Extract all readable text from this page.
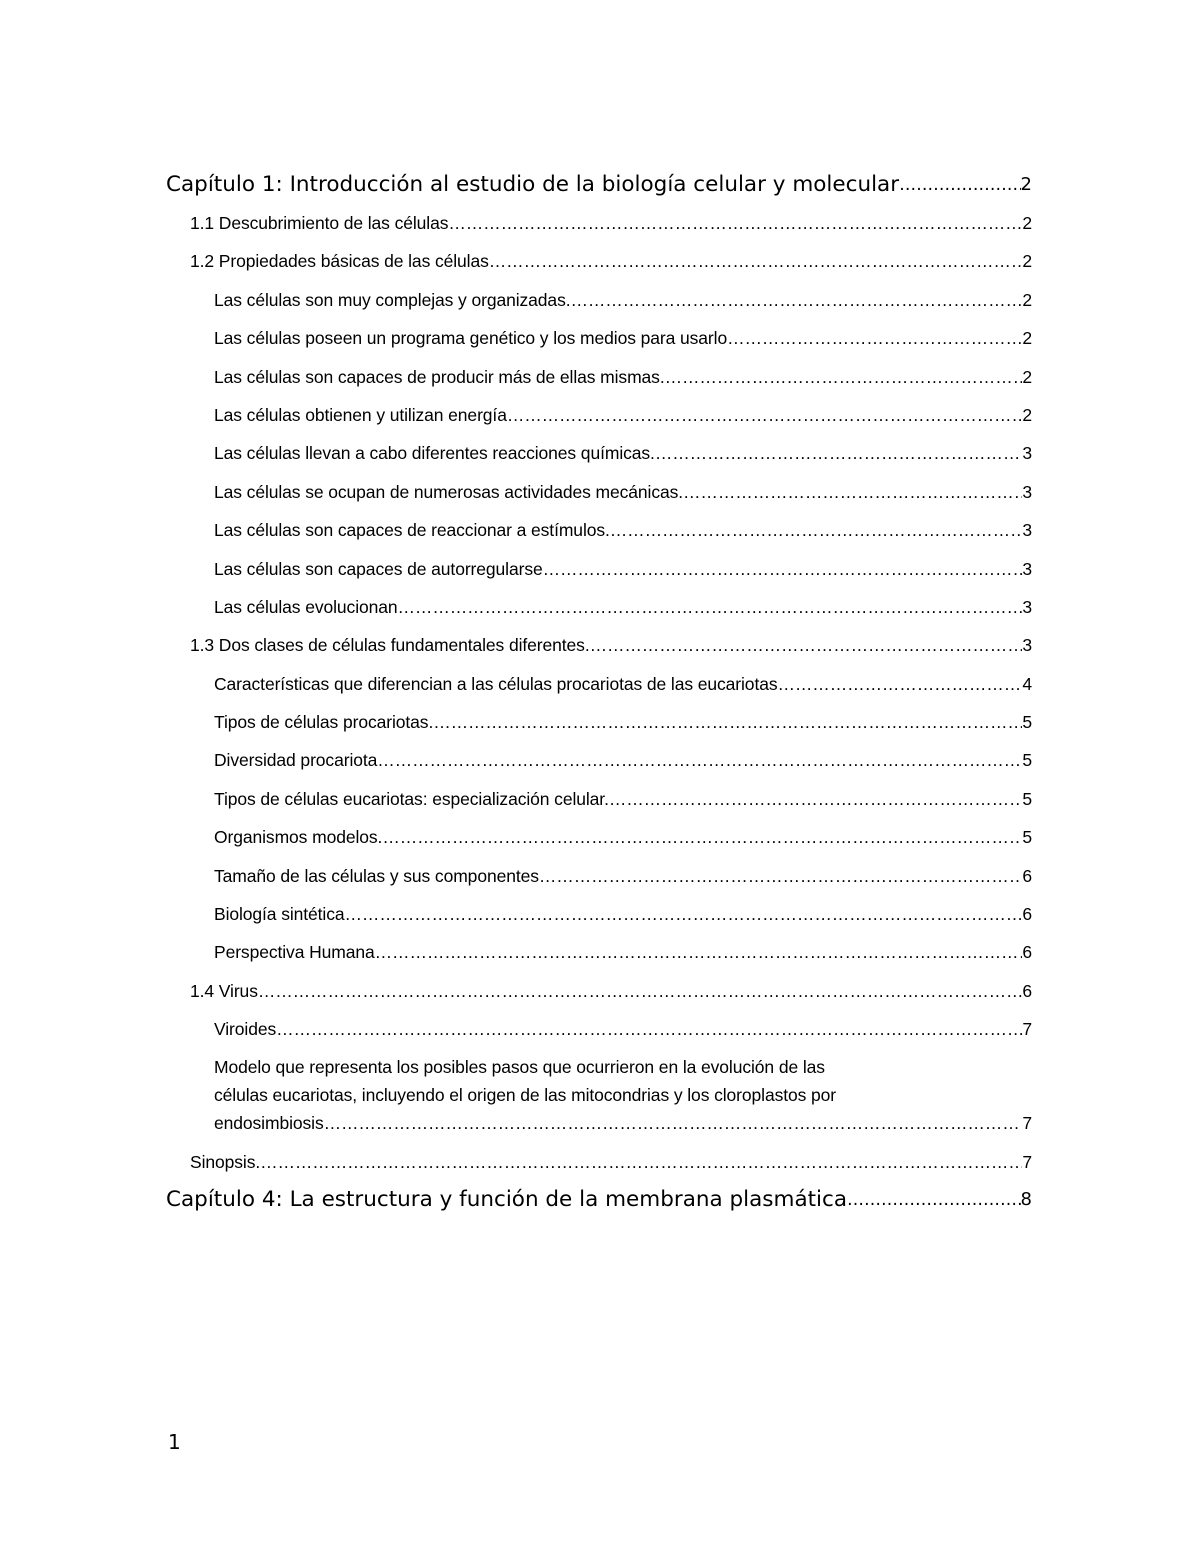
Capítulo 1: Introducción al estudio de la biología celular y molecular …………………………………………………………………………………………………………………………………………………………………………………………………………………………………………	2
1.1 Descubrimiento de las células …………………………………………………………………………………………………………………………………………………………………………………………………………………………………………	2
1.2 Propiedades básicas de las células …………………………………………………………………………………………………………………………………………………………………………………………………………………………………………	2
Las células son muy complejas y organizadas. …………………………………………………………………………………………………………………………………………………………………………………………………………………………………………	2
Las células poseen un programa genético y los medios para usarlo …………………………………………………………………………………………………………………………………………………………………………………………………………………………………………	2
Las células son capaces de producir más de ellas mismas. …………………………………………………………………………………………………………………………………………………………………………………………………………………………………………	2
Las células obtienen y utilizan energía …………………………………………………………………………………………………………………………………………………………………………………………………………………………………………	2
Las células llevan a cabo diferentes reacciones químicas. …………………………………………………………………………………………………………………………………………………………………………………………………………………………………………	3
Las células se ocupan de numerosas actividades mecánicas. …………………………………………………………………………………………………………………………………………………………………………………………………………………………………………	3
Las células son capaces de reaccionar a estímulos. …………………………………………………………………………………………………………………………………………………………………………………………………………………………………………	3
Las células son capaces de autorregularse …………………………………………………………………………………………………………………………………………………………………………………………………………………………………………	3
Las células evolucionan …………………………………………………………………………………………………………………………………………………………………………………………………………………………………………	3
1.3 Dos clases de células fundamentales diferentes. …………………………………………………………………………………………………………………………………………………………………………………………………………………………………………	3
Características que diferencian a las células procariotas de las eucariotas …………………………………………………………………………………………………………………………………………………………………………………………………………………………………………	4
Tipos de células procariotas. …………………………………………………………………………………………………………………………………………………………………………………………………………………………………………	5
Diversidad procariota …………………………………………………………………………………………………………………………………………………………………………………………………………………………………………	5
Tipos de células eucariotas: especialización celular. …………………………………………………………………………………………………………………………………………………………………………………………………………………………………………	5
Organismos modelos. …………………………………………………………………………………………………………………………………………………………………………………………………………………………………………	5
Tamaño de las células y sus componentes …………………………………………………………………………………………………………………………………………………………………………………………………………………………………………	6
Biología sintética …………………………………………………………………………………………………………………………………………………………………………………………………………………………………………	6
Perspectiva Humana …………………………………………………………………………………………………………………………………………………………………………………………………………………………………………	6
1.4 Virus …………………………………………………………………………………………………………………………………………………………………………………………………………………………………………	6
Viroides …………………………………………………………………………………………………………………………………………………………………………………………………………………………………………	7
Modelo que representa los posibles pasos que ocurrieron en la evolución de las
células eucariotas, incluyendo el origen de las mitocondrias y los cloroplastos por
endosimbiosis …………………………………………………………………………………………………………………………………………………………………………………………………………………………………………	7
Sinopsis. …………………………………………………………………………………………………………………………………………………………………………………………………………………………………………	7
Capítulo 4: La estructura y función de la membrana plasmática …………………………………………………………………………………………………………………………………………………………………………………………………………………………………………	8
1
